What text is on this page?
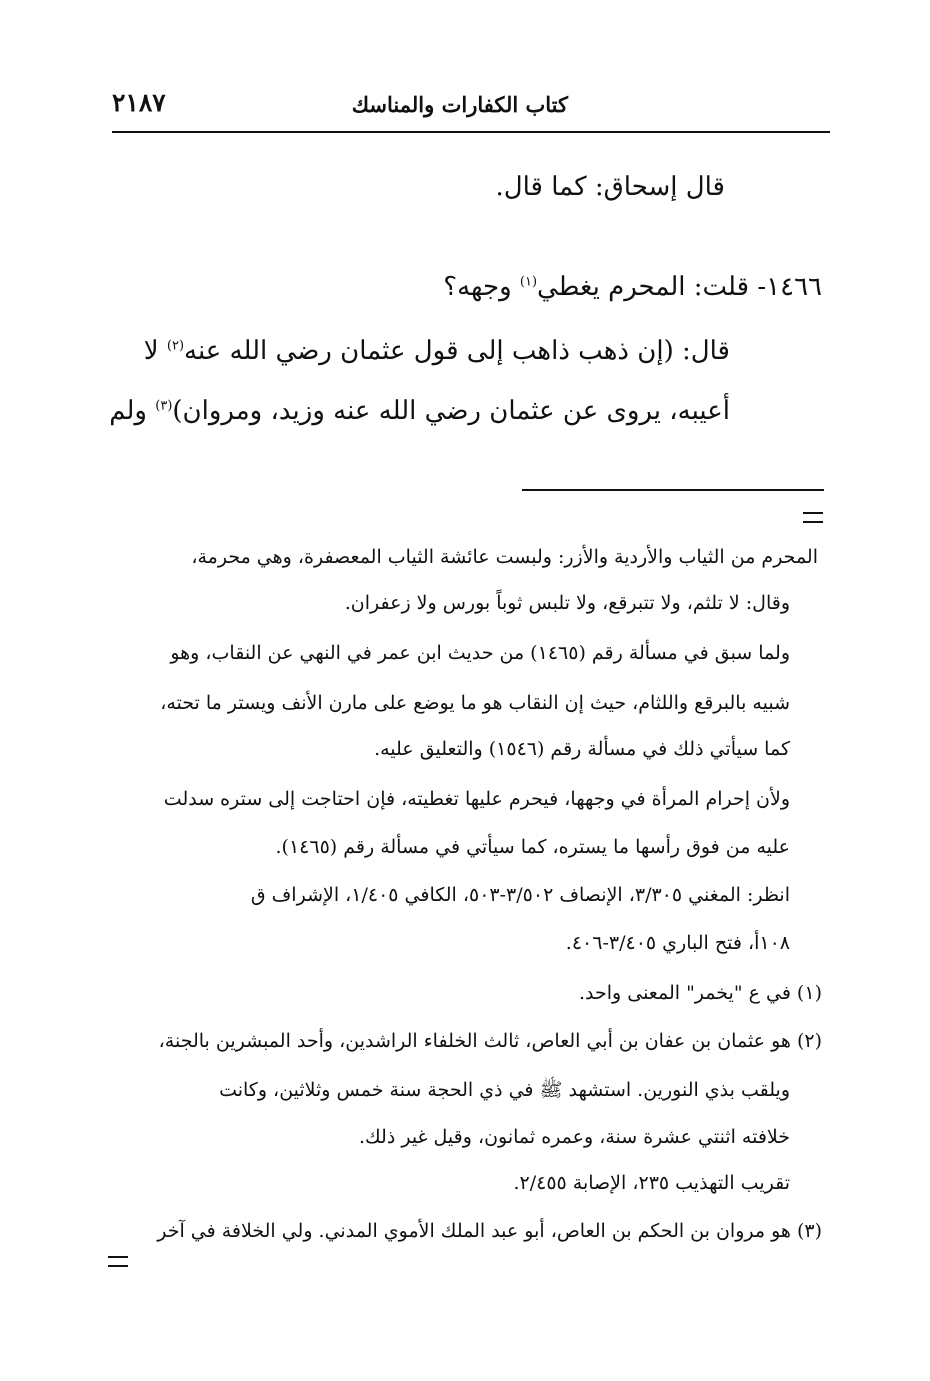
كتاب الكفارات والمناسك
٢١٨٧
قال إسحاق: كما قال.
١٤٦٦- قلت: المحرم يغطي$^{(١)}$ وجهه؟
قال: (إن ذهب ذاهب إلى قول عثمان رضي الله عنه$^{(٢)}$ لا
أعيبه، يروى عن عثمان رضي الله عنه وزيد، ومروان)$^{(٣)}$ ولم
المحرم من الثياب والأردية والأزر: ولبست عائشة الثياب المعصفرة، وهي محرمة،
وقال: لا تلثم، ولا تتبرقع، ولا تلبس ثوباً بورس ولا زعفران.
ولما سبق في مسألة رقم (١٤٦٥) من حديث ابن عمر في النهي عن النقاب، وهو
شبيه بالبرقع واللثام، حيث إن النقاب هو ما يوضع على مارن الأنف ويستر ما تحته،
كما سيأتي ذلك في مسألة رقم (١٥٤٦) والتعليق عليه.
ولأن إحرام المرأة في وجهها، فيحرم عليها تغطيته، فإن احتاجت إلى ستره سدلت
عليه من فوق رأسها ما يستره، كما سيأتي في مسألة رقم (١٤٦٥).
انظر: المغني ٣/٣٠٥، الإنصاف ٣/٥٠٢-٥٠٣، الكافي ١/٤٠٥، الإشراف ق
١٠٨أ، فتح الباري ٣/٤٠٥-٤٠٦.
(١) في ع "يخمر" المعنى واحد.
(٢) هو عثمان بن عفان بن أبي العاص، ثالث الخلفاء الراشدين، وأحد المبشرين بالجنة،
ويلقب بذي النورين. استشهد ﷺ في ذي الحجة سنة خمس وثلاثين، وكانت
خلافته اثنتي عشرة سنة، وعمره ثمانون، وقيل غير ذلك.
تقريب التهذيب ٢٣٥، الإصابة ٢/٤٥٥.
(٣) هو مروان بن الحكم بن العاص، أبو عبد الملك الأموي المدني. ولي الخلافة في آخر
